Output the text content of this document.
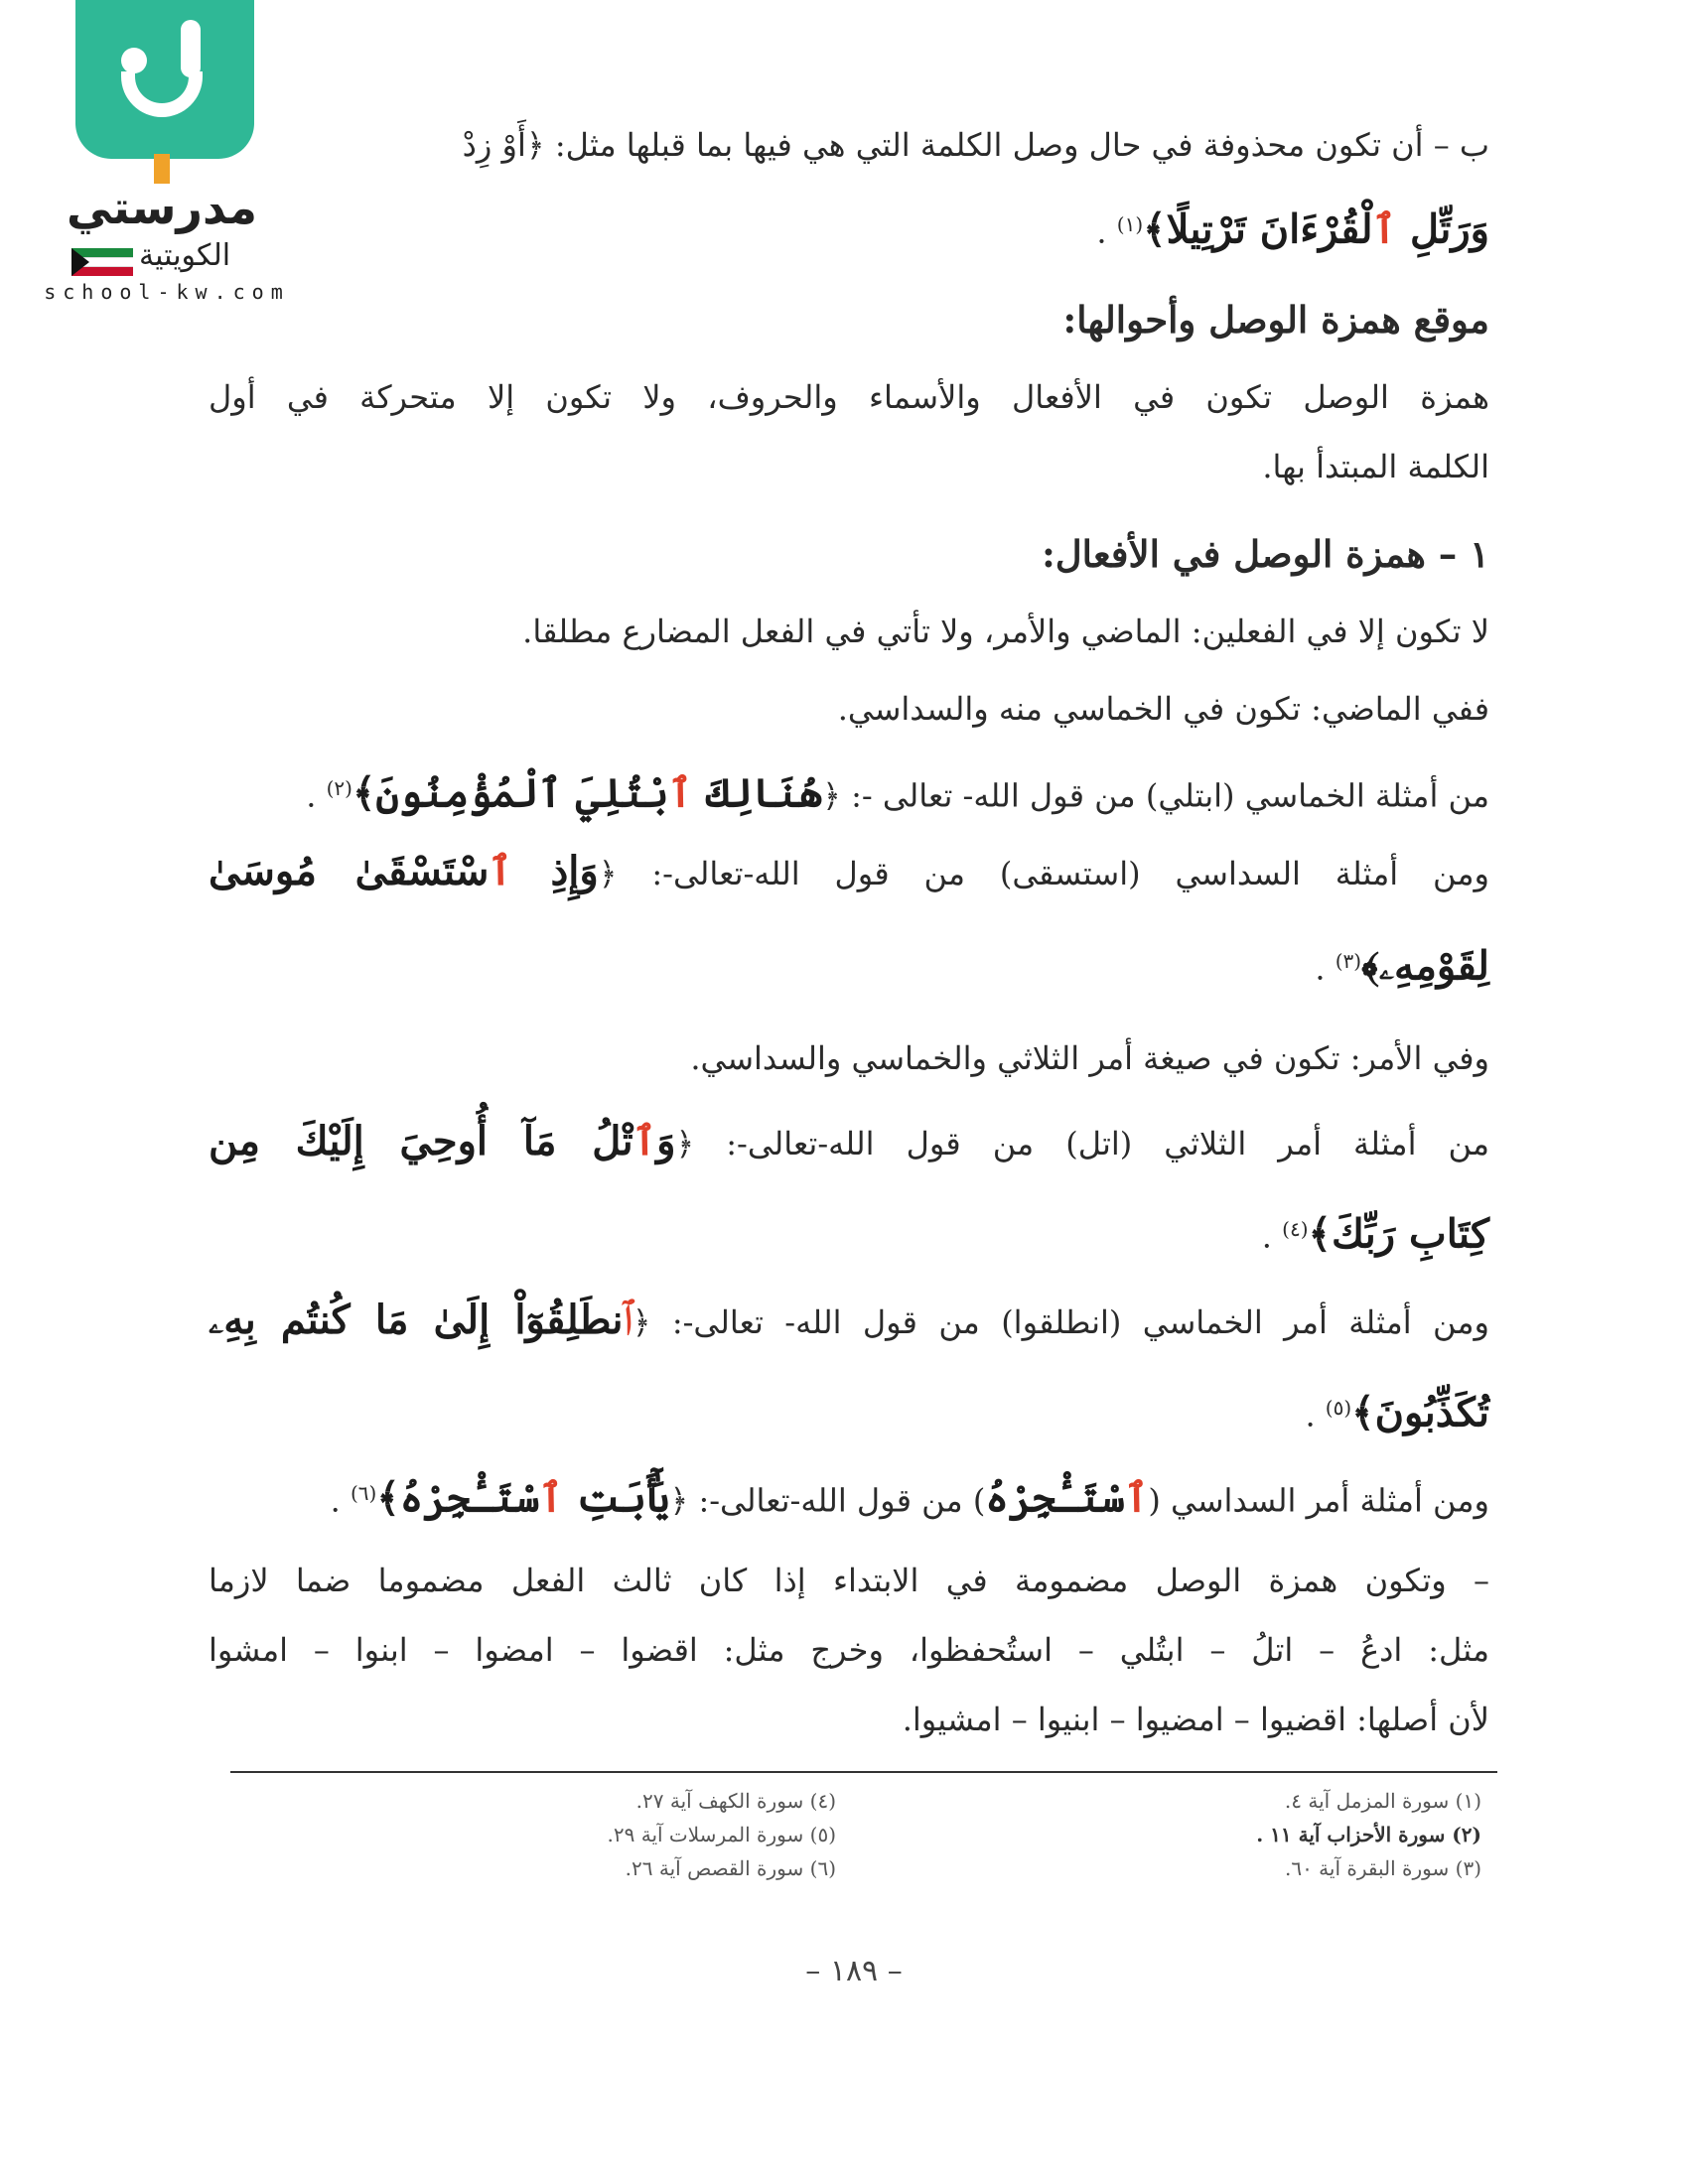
مدرستي
الكويتية
school-kw.com
ب – أن تكون محذوفة في حال وصل الكلمة التي هي فيها بما قبلها مثل: ﴿أَوْ زِدْ
وَرَتِّلِ ٱلْقُرْءَانَ تَرْتِيلًا﴾$^{(١)}$ .
موقع همزة الوصل وأحوالها:
همزة الوصل تكون في الأفعال والأسماء والحروف، ولا تكون إلا متحركة في أول
الكلمة المبتدأ بها.
١ – همزة الوصل في الأفعال:
لا تكون إلا في الفعلين: الماضي والأمر، ولا تأتي في الفعل المضارع مطلقا.
ففي الماضي: تكون في الخماسي منه والسداسي.
من أمثلة الخماسي (ابتلي) من قول الله- تعالى -: ﴿هُنَالِكَ ٱبْتُلِيَ ٱلْمُؤْمِنُونَ﴾$^{(٢)}$ .
ومن أمثلة السداسي (استسقى) من قول الله-تعالى-: ﴿وَإِذِ ٱسْتَسْقَىٰ مُوسَىٰ
لِقَوْمِهِۦ﴾$^{(٣)}$ .
وفي الأمر: تكون في صيغة أمر الثلاثي والخماسي والسداسي.
من أمثلة أمر الثلاثي (اتل) من قول الله-تعالى-: ﴿وَٱتْلُ مَآ أُوحِيَ إِلَيْكَ مِن
كِتَابِ رَبِّكَ﴾$^{(٤)}$ .
ومن أمثلة أمر الخماسي (انطلقوا) من قول الله- تعالى-: ﴿ٱنطَلِقُوٓاْ إِلَىٰ مَا كُنتُم بِهِۦ
تُكَذِّبُونَ﴾$^{(٥)}$ .
ومن أمثلة أمر السداسي (ٱسْتَـْٔجِرْهُ) من قول الله-تعالى-: ﴿يَٰٓأَبَتِ ٱسْتَـْٔجِرْهُ﴾$^{(٦)}$ .
– وتكون همزة الوصل مضمومة في الابتداء إذا كان ثالث الفعل مضموما ضما لازما
مثل: ادعُ – اتلُ – ابتُلي – استُحفظوا، وخرج مثل: اقضوا – امضوا – ابنوا – امشوا
لأن أصلها: اقضيوا – امضيوا – ابنيوا – امشيوا.
(١) سورة المزمل آية ٤.
(٢) سورة الأحزاب آية ١١ .
(٣) سورة البقرة آية ٦٠.
(٤) سورة الكهف آية ٢٧.
(٥) سورة المرسلات آية ٢٩.
(٦) سورة القصص آية ٢٦.
– ١٨٩ –
